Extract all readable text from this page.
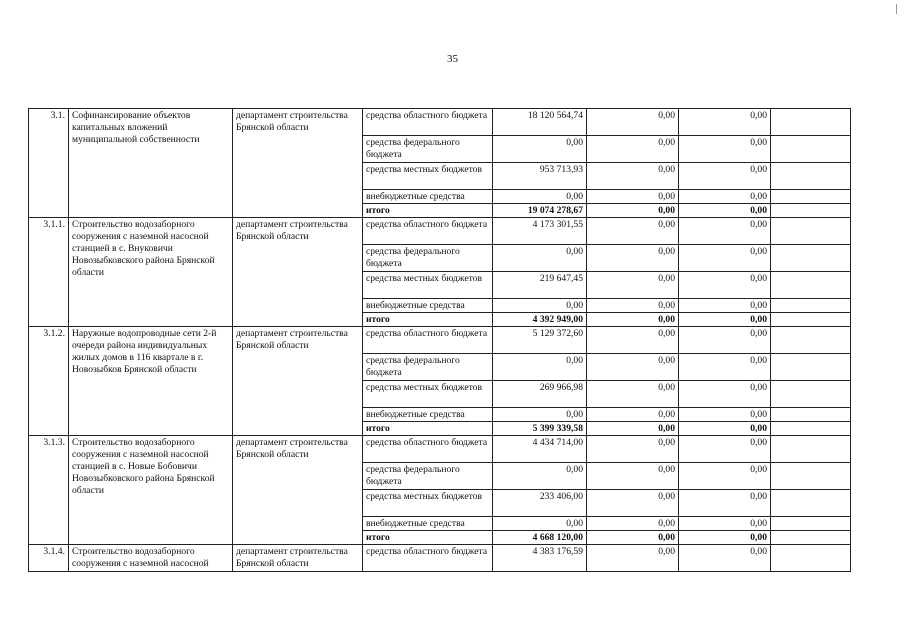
35
3.1.	Софинансирование объектов капитальных вложений муниципальной собственности	департамент строительства Брянской области	средства областного бюджета	18 120 564,74	0,00	0,00	
			средства федерального бюджета	0,00	0,00	0,00	
			средства местных бюджетов	953 713,93	0,00	0,00	
			внебюджетные средства	0,00	0,00	0,00	
			итого	19 074 278,67	0,00	0,00	
3.1.1.	Строительство водозаборного сооружения с наземной насосной станцией в с. Внуковичи Новозыбковского района Брянской области	департамент строительства Брянской области	средства областного бюджета	4 173 301,55	0,00	0,00	
			средства федерального бюджета	0,00	0,00	0,00	
			средства местных бюджетов	219 647,45	0,00	0,00	
			внебюджетные средства	0,00	0,00	0,00	
			итого	4 392 949,00	0,00	0,00	
3.1.2.	Наружные водопроводные сети 2-й очереди района индивидуальных жилых домов в 116 квартале в г. Новозыбков Брянской области	департамент строительства Брянской области	средства областного бюджета	5 129 372,60	0,00	0,00	
			средства федерального бюджета	0,00	0,00	0,00	
			средства местных бюджетов	269 966,98	0,00	0,00	
			внебюджетные средства	0,00	0,00	0,00	
			итого	5 399 339,58	0,00	0,00	
3.1.3.	Строительство водозаборного сооружения с наземной насосной станцией в с. Новые Бобовичи Новозыбковского района Брянской области	департамент строительства Брянской области	средства областного бюджета	4 434 714,00	0,00	0,00	
			средства федерального бюджета	0,00	0,00	0,00	
			средства местных бюджетов	233 406,00	0,00	0,00	
			внебюджетные средства	0,00	0,00	0,00	
			итого	4 668 120,00	0,00	0,00	
3.1.4.	Строительство водозаборного сооружения с наземной насосной	департамент строительства Брянской области	средства областного бюджета	4 383 176,59	0,00	0,00	
